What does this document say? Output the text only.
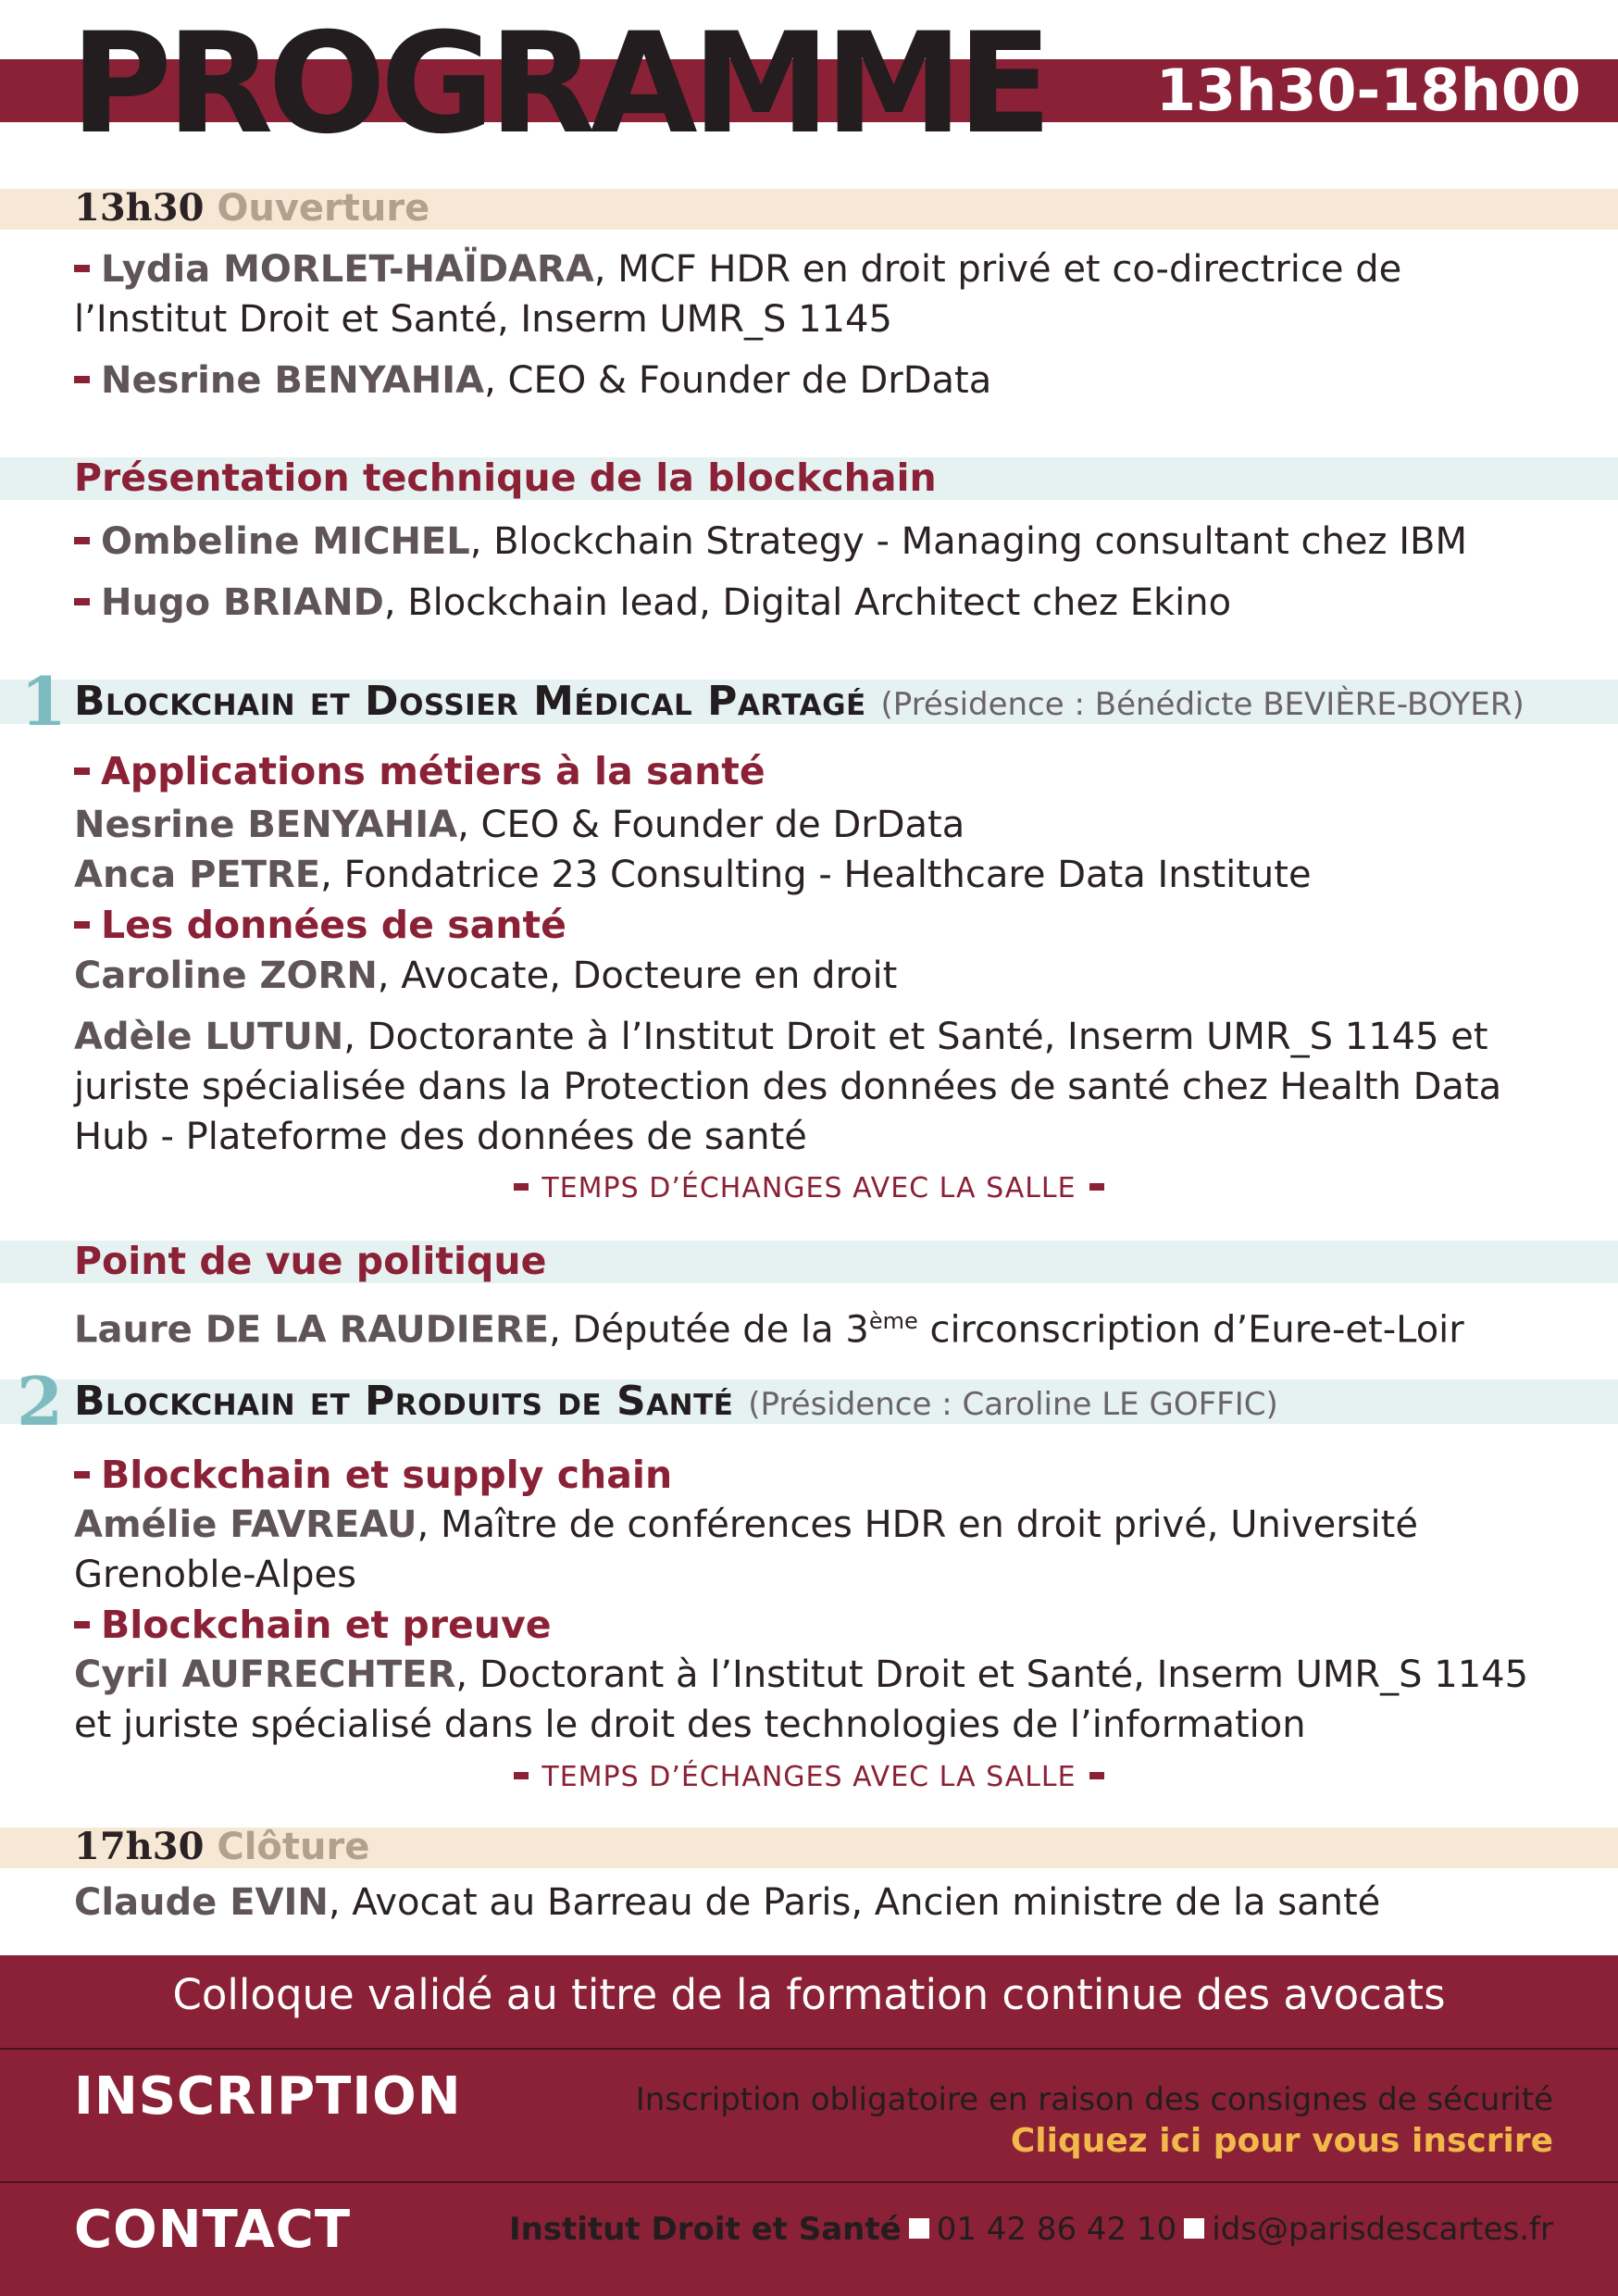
PROGRAMME 13h30-18h00
13h30 Ouverture
Lydia MORLET-HAÏDARA, MCF HDR en droit privé et co-directrice de
l’Institut Droit et Santé, Inserm UMR_S 1145
Nesrine BENYAHIA, CEO & Founder de DrData
Présentation technique de la blockchain
Ombeline MICHEL, Blockchain Strategy - Managing consultant chez IBM
Hugo BRIAND, Blockchain lead, Digital Architect chez Ekino
1 Blockchain et Dossier Médical Partagé (Présidence : Bénédicte BEVIÈRE-BOYER)
Applications métiers à la santé
Nesrine BENYAHIA, CEO & Founder de DrData
Anca PETRE, Fondatrice 23 Consulting - Healthcare Data Institute
Les données de santé
Caroline ZORN, Avocate, Docteure en droit
Adèle LUTUN, Doctorante à l’Institut Droit et Santé, Inserm UMR_S 1145 et juriste spécialisée dans la Protection des données de santé chez Health Data Hub - Plateforme des données de santé
TEMPS D’ÉCHANGES AVEC LA SALLE
Point de vue politique
Laure DE LA RAUDIERE, Députée de la 3ème circonscription d’Eure-et-Loir
2 Blockchain et Produits de Santé (Présidence : Caroline LE GOFFIC)
Blockchain et supply chain
Amélie FAVREAU, Maître de conférences HDR en droit privé, Université Grenoble-Alpes
Blockchain et preuve
Cyril AUFRECHTER, Doctorant à l’Institut Droit et Santé, Inserm UMR_S 1145 et juriste spécialisé dans le droit des technologies de l’information
TEMPS D’ÉCHANGES AVEC LA SALLE
17h30 Clôture
Claude EVIN, Avocat au Barreau de Paris, Ancien ministre de la santé
Colloque validé au titre de la formation continue des avocats
INSCRIPTION	Inscription obligatoire en raison des consignes de sécurité
Cliquez ici pour vous inscrire
CONTACT	Institut Droit et Santé 01 42 86 42 10 ids@parisdescartes.fr
